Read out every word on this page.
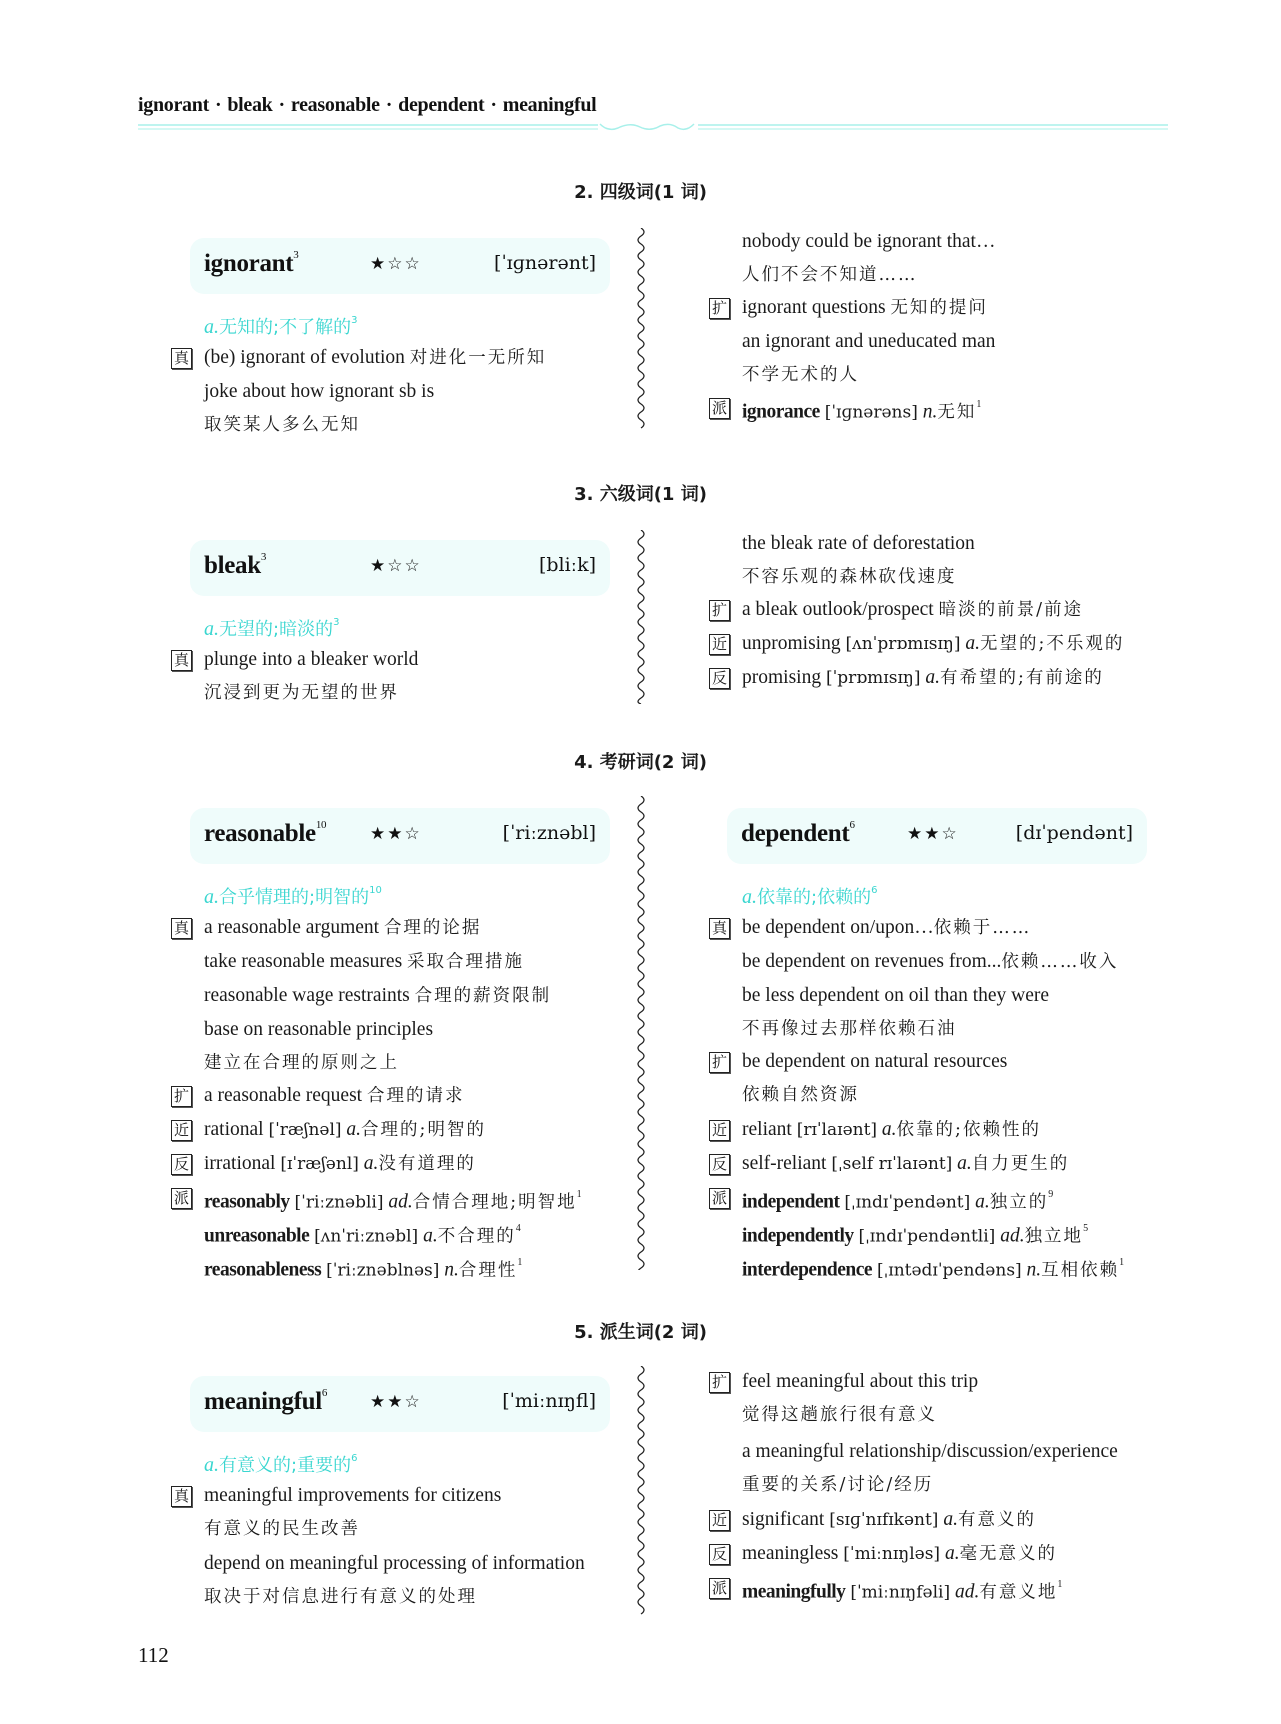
ignorant · bleak · reasonable · dependent · meaningful
2. 四级词(1 词)
3. 六级词(1 词)
4. 考研词(2 词)
5. 派生词(2 词)
ignorant$^3$	★☆☆	[ˈɪɡnərənt]
a.无知的;不了解的$^3$
真 (be) ignorant of evolution 对进化一无所知
joke about how ignorant sb is
取笑某人多么无知
nobody could be ignorant that…
人们不会不知道……
扩 ignorant questions 无知的提问
an ignorant and uneducated man
不学无术的人
派 ignorance [ˈɪɡnərəns] n.无知$^1$
bleak$^3$	★☆☆	[bliːk]
a.无望的;暗淡的$^3$
真 plunge into a bleaker world
沉浸到更为无望的世界
the bleak rate of deforestation
不容乐观的森林砍伐速度
扩 a bleak outlook/prospect 暗淡的前景/前途
近 unpromising [ʌnˈprɒmɪsɪŋ] a.无望的;不乐观的
反 promising [ˈprɒmɪsɪŋ] a.有希望的;有前途的
reasonable$^{10}$	★★☆	[ˈriːznəbl]
a.合乎情理的;明智的$^{10}$
真 a reasonable argument 合理的论据
take reasonable measures 采取合理措施
reasonable wage restraints 合理的薪资限制
base on reasonable principles
建立在合理的原则之上
扩 a reasonable request 合理的请求
近 rational [ˈræʃnəl] a.合理的;明智的
反 irrational [ɪˈræʃənl] a.没有道理的
派 reasonably [ˈriːznəbli] ad.合情合理地;明智地$^1$
unreasonable [ʌnˈriːznəbl] a.不合理的$^4$
reasonableness [ˈriːznəblnəs] n.合理性$^1$
dependent$^6$	★★☆	[dɪˈpendənt]
a.依靠的;依赖的$^6$
真 be dependent on/upon…依赖于……
be dependent on revenues from...依赖……收入
be less dependent on oil than they were
不再像过去那样依赖石油
扩 be dependent on natural resources
依赖自然资源
近 reliant [rɪˈlaɪənt] a.依靠的;依赖性的
反 self-reliant [ˌself rɪˈlaɪənt] a.自力更生的
派 independent [ˌɪndɪˈpendənt] a.独立的$^9$
independently [ˌɪndɪˈpendəntli] ad.独立地$^5$
interdependence [ˌɪntədɪˈpendəns] n.互相依赖$^1$
meaningful$^6$	★★☆	[ˈmiːnɪŋfl]
a.有意义的;重要的$^6$
真 meaningful improvements for citizens
有意义的民生改善
depend on meaningful processing of information
取决于对信息进行有意义的处理
扩 feel meaningful about this trip
觉得这趟旅行很有意义
a meaningful relationship/discussion/experience
重要的关系/讨论/经历
近 significant [sɪɡˈnɪfɪkənt] a.有意义的
反 meaningless [ˈmiːnɪŋləs] a.毫无意义的
派 meaningfully [ˈmiːnɪŋfəli] ad.有意义地$^1$
112
